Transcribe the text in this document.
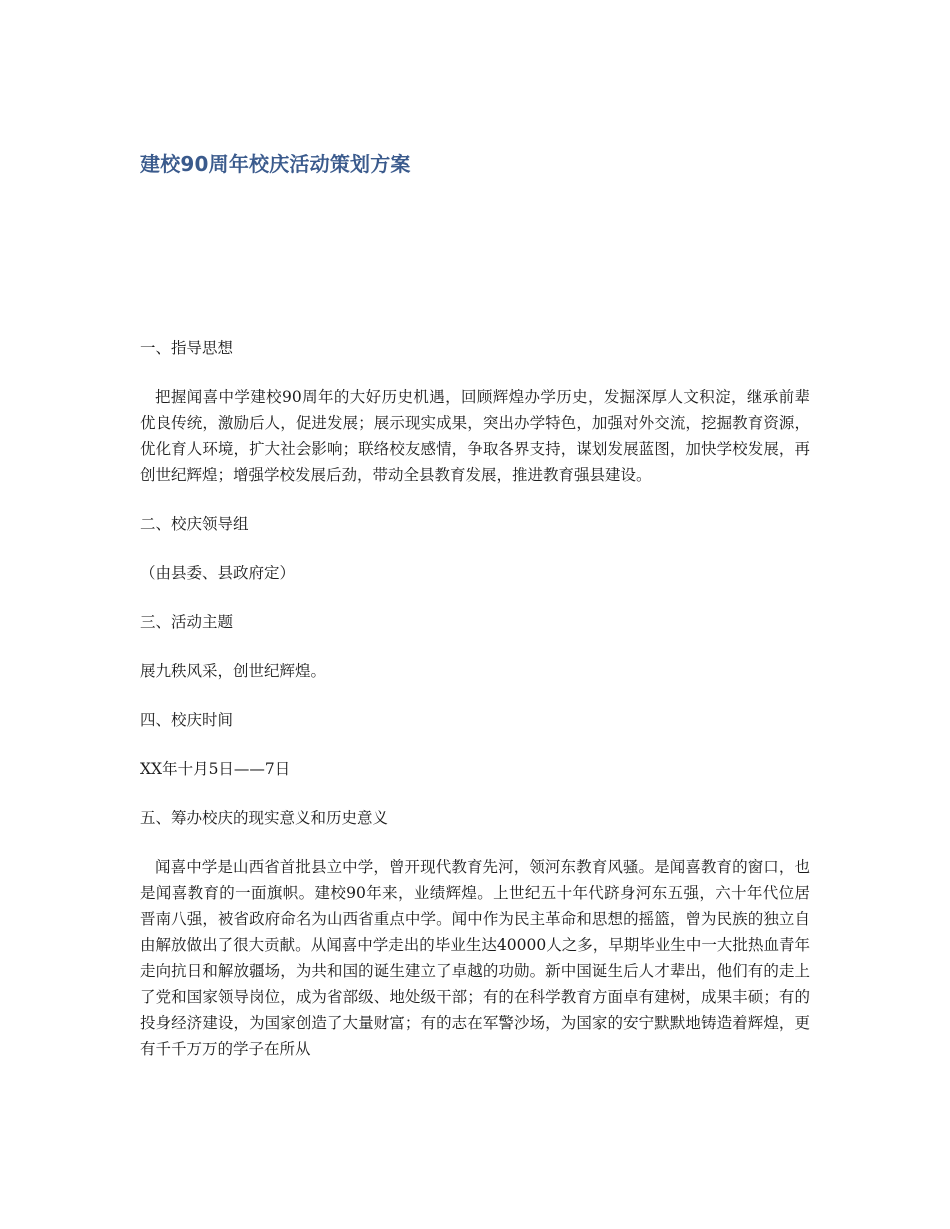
建校90周年校庆活动策划方案

一、指导思想

把握闻喜中学建校90周年的大好历史机遇，回顾辉煌办学历史，发掘深厚人文积淀，继承前辈优良传统，激励后人，促进发展；展示现实成果，突出办学特色，加强对外交流，挖掘教育资源，优化育人环境，扩大社会影响；联络校友感情，争取各界支持，谋划发展蓝图，加快学校发展，再创世纪辉煌；增强学校发展后劲，带动全县教育发展，推进教育强县建设。

二、校庆领导组

（由县委、县政府定）

三、活动主题

展九秩风采，创世纪辉煌。

四、校庆时间

XX年十月5日——7日

五、筹办校庆的现实意义和历史意义

闻喜中学是山西省首批县立中学，曾开现代教育先河，领河东教育风骚。是闻喜教育的窗口，也是闻喜教育的一面旗帜。建校90年来，业绩辉煌。上世纪五十年代跻身河东五强，六十年代位居晋南八强，被省政府命名为山西省重点中学。闻中作为民主革命和思想的摇篮，曾为民族的独立自由解放做出了很大贡献。从闻喜中学走出的毕业生达40000人之多，早期毕业生中一大批热血青年走向抗日和解放疆场，为共和国的诞生建立了卓越的功勋。新中国诞生后人才辈出，他们有的走上了党和国家领导岗位，成为省部级、地处级干部；有的在科学教育方面卓有建树，成果丰硕；有的投身经济建设，为国家创造了大量财富；有的志在军警沙场，为国家的安宁默默地铸造着辉煌，更有千千万万的学子在所从
